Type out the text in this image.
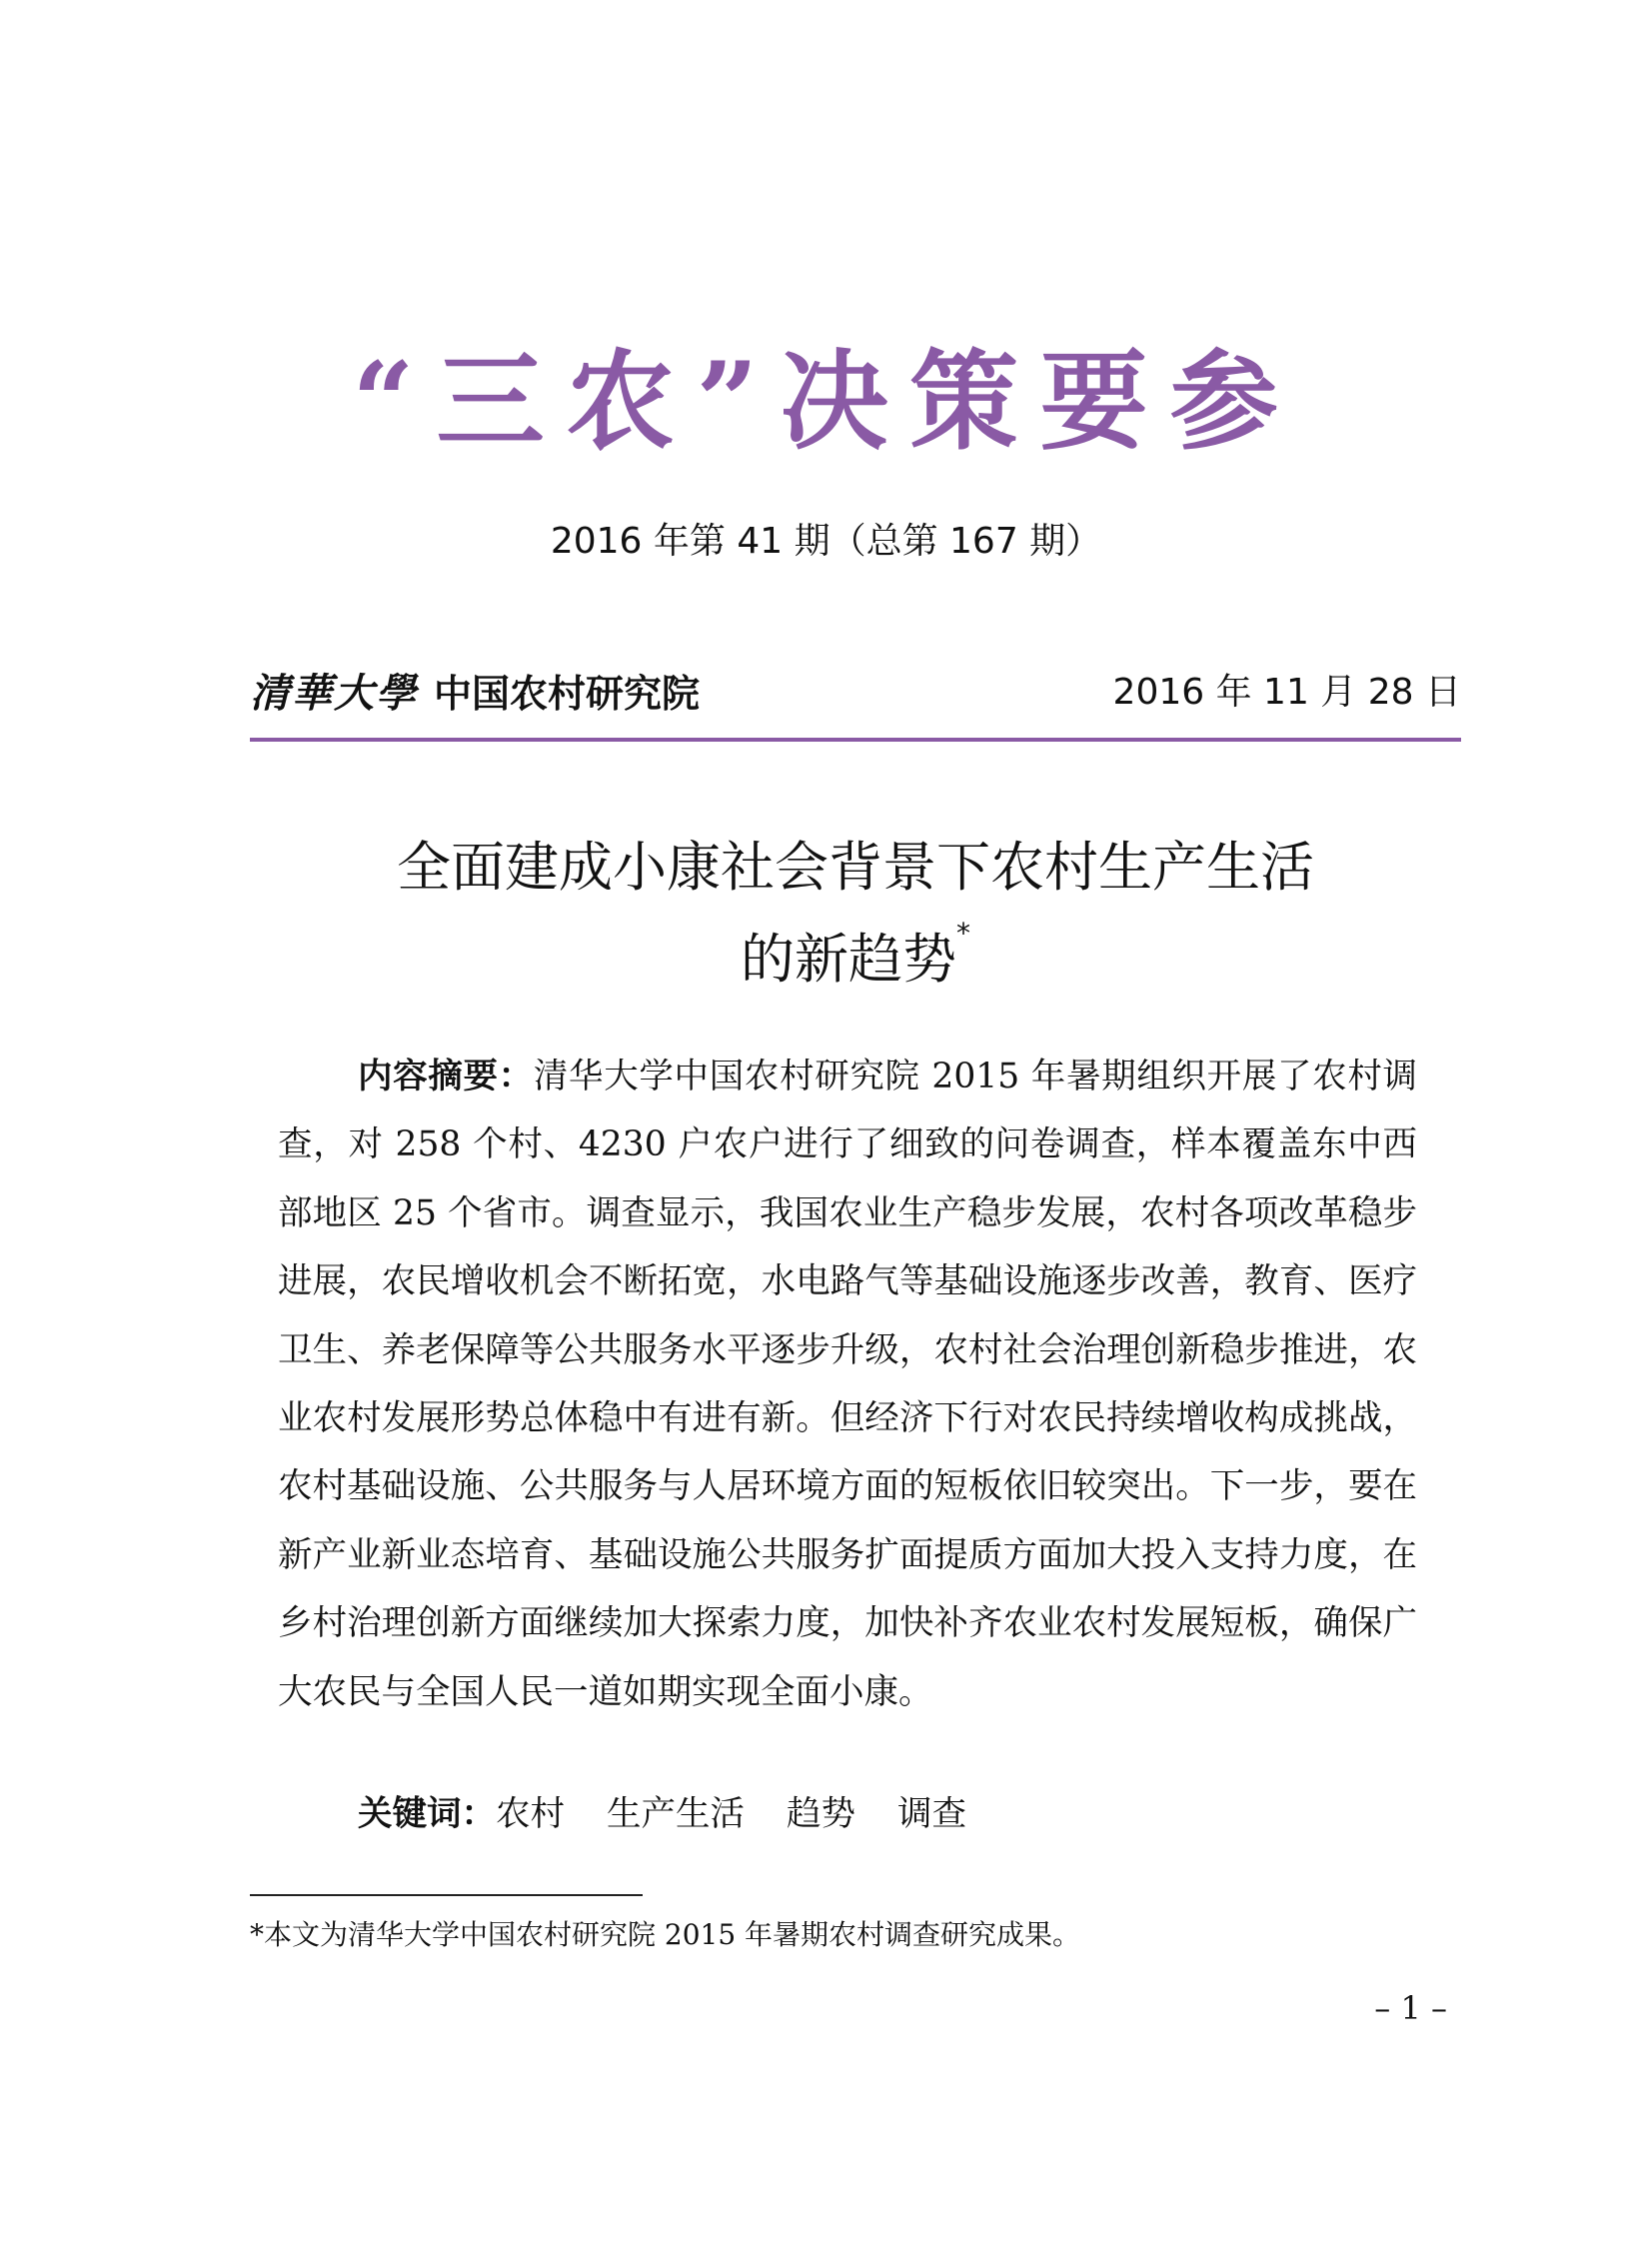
“三农”决策要参
2016 年第 41 期（总第 167 期）
清華大學 中国农村研究院	2016 年 11 月 28 日
全面建成小康社会背景下农村生产生活
的新趋势*

内容摘要：清华大学中国农村研究院 2015 年暑期组织开展了农村调查，对 258 个村、4230 户农户进行了细致的问卷调查，样本覆盖东中西部地区 25 个省市。调查显示，我国农业生产稳步发展，农村各项改革稳步进展，农民增收机会不断拓宽，水电路气等基础设施逐步改善，教育、医疗卫生、养老保障等公共服务水平逐步升级，农村社会治理创新稳步推进，农业农村发展形势总体稳中有进有新。但经济下行对农民持续增收构成挑战，农村基础设施、公共服务与人居环境方面的短板依旧较突出。下一步，要在新产业新业态培育、基础设施公共服务扩面提质方面加大投入支持力度，在乡村治理创新方面继续加大探索力度，加快补齐农业农村发展短板，确保广大农民与全国人民一道如期实现全面小康。

关键词：农村 生产生活 趋势 调查
*本文为清华大学中国农村研究院 2015 年暑期农村调查研究成果。
– 1 –
